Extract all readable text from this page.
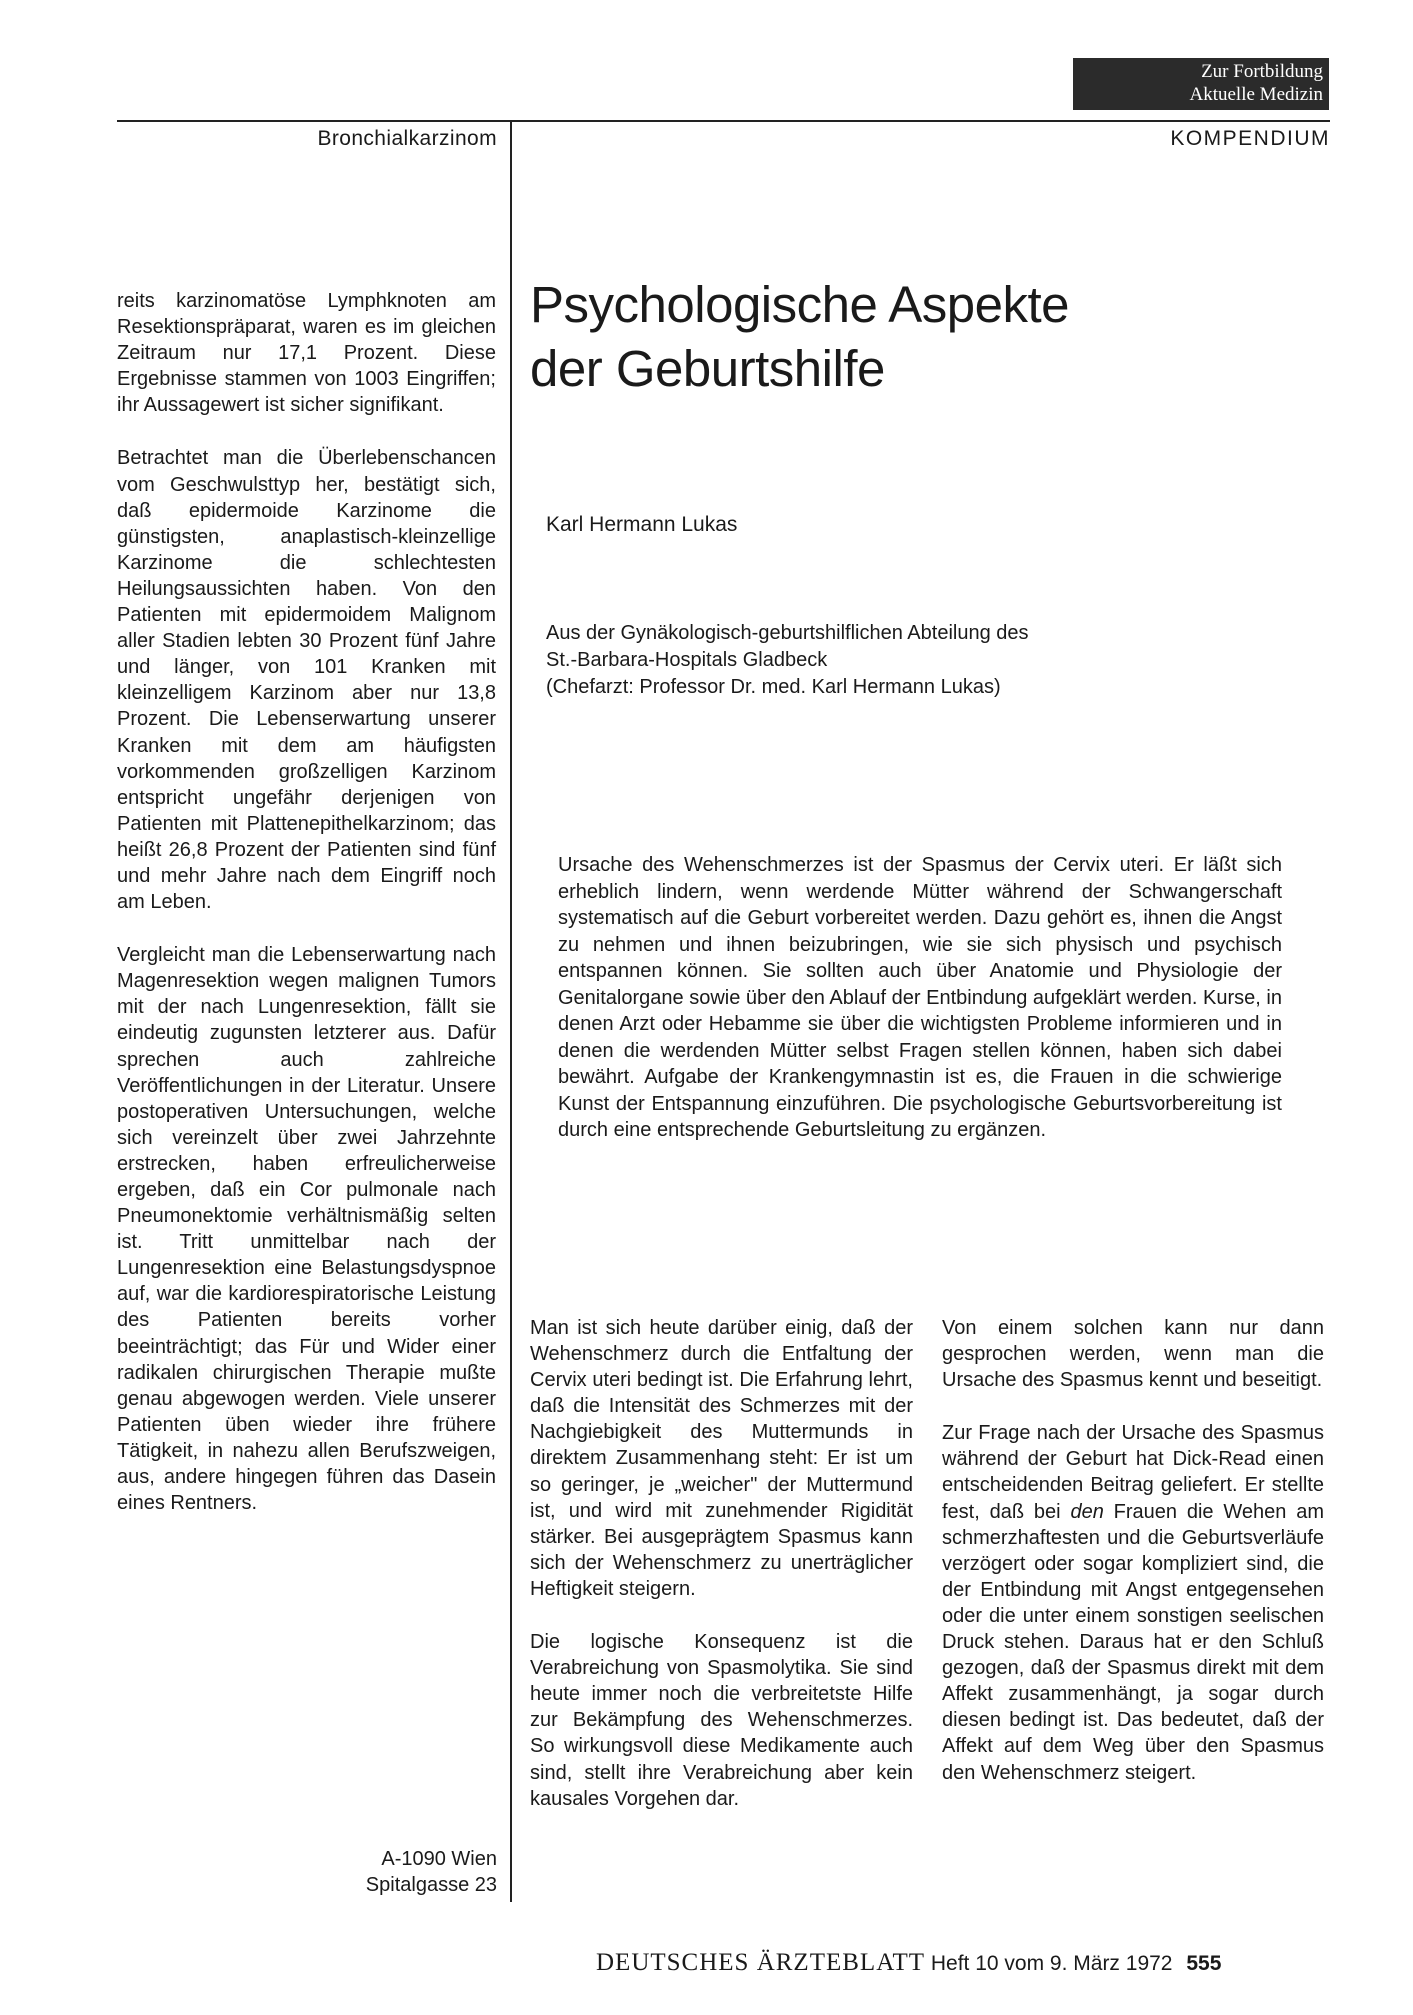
Zur Fortbildung
Aktuelle Medizin
Bronchialkarzinom	KOMPENDIUM

reits karzinomatöse Lymphknoten am Resektionspräparat, waren es im gleichen Zeitraum nur 17,1 Prozent. Diese Ergebnisse stammen von 1003 Eingriffen; ihr Aussagewert ist sicher signifikant.

Betrachtet man die Überlebenschancen vom Geschwulsttyp her, bestätigt sich, daß epidermoide Karzinome die günstigsten, anaplastisch-kleinzellige Karzinome die schlechtesten Heilungsaussichten haben. Von den Patienten mit epidermoidem Malignom aller Stadien lebten 30 Prozent fünf Jahre und länger, von 101 Kranken mit kleinzelligem Karzinom aber nur 13,8 Prozent. Die Lebenserwartung unserer Kranken mit dem am häufigsten vorkommenden großzelligen Karzinom entspricht ungefähr derjenigen von Patienten mit Plattenepithelkarzinom; das heißt 26,8 Prozent der Patienten sind fünf und mehr Jahre nach dem Eingriff noch am Leben.

Vergleicht man die Lebenserwartung nach Magenresektion wegen malignen Tumors mit der nach Lungenresektion, fällt sie eindeutig zugunsten letzterer aus. Dafür sprechen auch zahlreiche Veröffentlichungen in der Literatur. Unsere postoperativen Untersuchungen, welche sich vereinzelt über zwei Jahrzehnte erstrecken, haben erfreulicherweise ergeben, daß ein Cor pulmonale nach Pneumonektomie verhältnismäßig selten ist. Tritt unmittelbar nach der Lungenresektion eine Belastungsdyspnoe auf, war die kardiorespiratorische Leistung des Patienten bereits vorher beeinträchtigt; das Für und Wider einer radikalen chirurgischen Therapie mußte genau abgewogen werden. Viele unserer Patienten üben wieder ihre frühere Tätigkeit, in nahezu allen Berufszweigen, aus, andere hingegen führen das Dasein eines Rentners.

A-1090 Wien
Spitalgasse 23
Psychologische Aspekte
der Geburtshilfe
Karl Hermann Lukas
Aus der Gynäkologisch-geburtshilflichen Abteilung des
St.-Barbara-Hospitals Gladbeck
(Chefarzt: Professor Dr. med. Karl Hermann Lukas)

Ursache des Wehenschmerzes ist der Spasmus der Cervix uteri. Er läßt sich erheblich lindern, wenn werdende Mütter während der Schwangerschaft systematisch auf die Geburt vorbereitet werden. Dazu gehört es, ihnen die Angst zu nehmen und ihnen beizubringen, wie sie sich physisch und psychisch entspannen können. Sie sollten auch über Anatomie und Physiologie der Genitalorgane sowie über den Ablauf der Entbindung aufgeklärt werden. Kurse, in denen Arzt oder Hebamme sie über die wichtigsten Probleme informieren und in denen die werdenden Mütter selbst Fragen stellen können, haben sich dabei bewährt. Aufgabe der Krankengymnastin ist es, die Frauen in die schwierige Kunst der Entspannung einzuführen. Die psychologische Geburtsvorbereitung ist durch eine entsprechende Geburtsleitung zu ergänzen.

Man ist sich heute darüber einig, daß der Wehenschmerz durch die Entfaltung der Cervix uteri bedingt ist. Die Erfahrung lehrt, daß die Intensität des Schmerzes mit der Nachgiebigkeit des Muttermunds in direktem Zusammenhang steht: Er ist um so geringer, je „weicher" der Muttermund ist, und wird mit zunehmender Rigidität stärker. Bei ausgeprägtem Spasmus kann sich der Wehenschmerz zu unerträglicher Heftigkeit steigern.

Die logische Konsequenz ist die Verabreichung von Spasmolytika. Sie sind heute immer noch die verbreitetste Hilfe zur Bekämpfung des Wehenschmerzes. So wirkungsvoll diese Medikamente auch sind, stellt ihre Verabreichung aber kein kausales Vorgehen dar.

Von einem solchen kann nur dann gesprochen werden, wenn man die Ursache des Spasmus kennt und beseitigt.

Zur Frage nach der Ursache des Spasmus während der Geburt hat Dick-Read einen entscheidenden Beitrag geliefert. Er stellte fest, daß bei den Frauen die Wehen am schmerzhaftesten und die Geburtsverläufe verzögert oder sogar kompliziert sind, die der Entbindung mit Angst entgegensehen oder die unter einem sonstigen seelischen Druck stehen. Daraus hat er den Schluß gezogen, daß der Spasmus direkt mit dem Affekt zusammenhängt, ja sogar durch diesen bedingt ist. Das bedeutet, daß der Affekt auf dem Weg über den Spasmus den Wehenschmerz steigert.

DEUTSCHES ÄRZTEBLATT Heft 10 vom 9. März 1972 555
